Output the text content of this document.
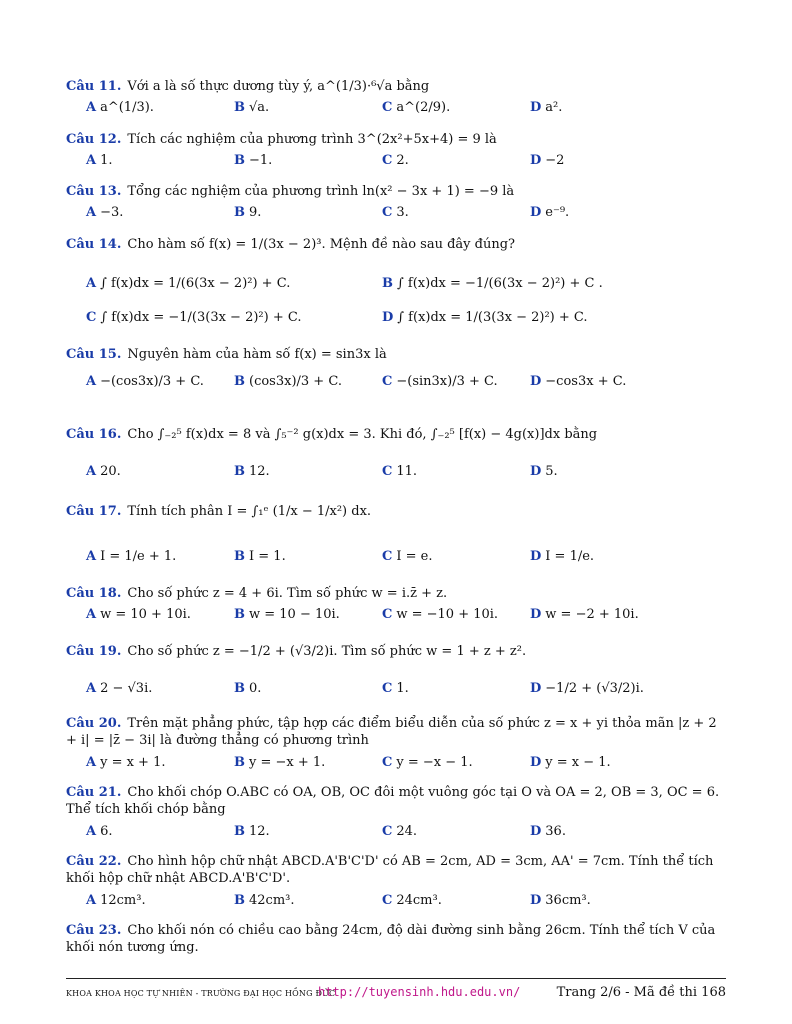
Câu 11. Với a là số thực dương tùy ý, a^(1/3)·⁶√a bằng
A a^(1/3).	B √a.	C a^(2/9).	D a².
Câu 12. Tích các nghiệm của phương trình 3^(2x²+5x+4) = 9 là
A 1.	B −1.	C 2.	D −2
Câu 13. Tổng các nghiệm của phương trình ln(x² − 3x + 1) = −9 là
A −3.	B 9.	C 3.	D e⁻⁹.
Câu 14. Cho hàm số f(x) = 1/(3x − 2)³. Mệnh đề nào sau đây đúng?
A ∫ f(x)dx = 1/(6(3x − 2)²) + C.	B ∫ f(x)dx = −1/(6(3x − 2)²) + C .
C ∫ f(x)dx = −1/(3(3x − 2)²) + C.	D ∫ f(x)dx = 1/(3(3x − 2)²) + C.
Câu 15. Nguyên hàm của hàm số f(x) = sin3x là
A −(cos3x)/3 + C. B (cos3x)/3 + C.	C −(sin3x)/3 + C. D −cos3x + C.
Câu 16. Cho ∫₋₂⁵ f(x)dx = 8 và ∫₅⁻² g(x)dx = 3. Khi đó, ∫₋₂⁵ [f(x) − 4g(x)]dx bằng
A 20.	B 12.	C 11.	D 5.
Câu 17. Tính tích phân I = ∫₁ᵉ (1/x − 1/x²) dx.
A I = 1/e + 1.	B I = 1.	C I = e.	D I = 1/e.
Câu 18. Cho số phức z = 4 + 6i. Tìm số phức w = i.z̄ + z.
A w = 10 + 10i.	B w = 10 − 10i.	C w = −10 + 10i. D w = −2 + 10i.
Câu 19. Cho số phức z = −1/2 + (√3/2)i. Tìm số phức w = 1 + z + z².
A 2 − √3i.	B 0.	C 1.	D −1/2 + (√3/2)i.
Câu 20. Trên mặt phẳng phức, tập hợp các điểm biểu diễn của số phức z = x + yi thỏa mãn |z + 2 + i| = |z̄ − 3i| là đường thẳng có phương trình
A y = x + 1.	B y = −x + 1.	C y = −x − 1.	D y = x − 1.
Câu 21. Cho khối chóp O.ABC có OA, OB, OC đôi một vuông góc tại O và OA = 2, OB = 3, OC = 6. Thể tích khối chóp bằng
A 6.	B 12.	C 24.	D 36.
Câu 22. Cho hình hộp chữ nhật ABCD.A'B'C'D' có AB = 2cm, AD = 3cm, AA' = 7cm. Tính thể tích khối hộp chữ nhật ABCD.A'B'C'D'.
A 12cm³.	B 42cm³.	C 24cm³.	D 36cm³.
Câu 23. Cho khối nón có chiều cao bằng 24cm, độ dài đường sinh bằng 26cm. Tính thể tích V của khối nón tương ứng.
KHOA KHOA HỌC TỰ NHIÊN - TRƯỜNG ĐẠI HỌC HỒNG ĐỨC
http://tuyensinh.hdu.edu.vn/	Trang 2/6 - Mã đề thi 168
